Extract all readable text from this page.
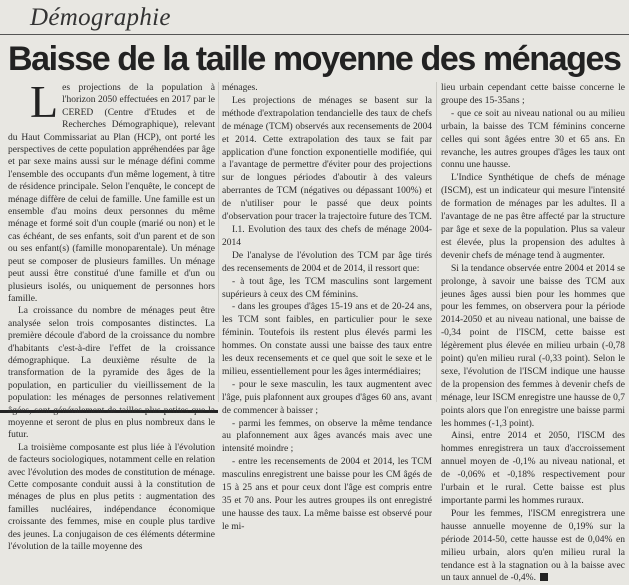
Démographie
Baisse de la taille moyenne des ménages

Les projections de la population à l'horizon 2050 effectuées en 2017 par le CERED (Centre d'Etudes et de Recherches Démographique), relevant du Haut Commissariat au Plan (HCP), ont porté les perspectives de cette population appréhendées par âge et par sexe mains aussi sur le ménage défini comme l'ensemble des occupants d'un même logement, à titre de résidence principale. Selon l'enquête, le concept de ménage diffère de celui de famille. Une famille est un ensemble d'au moins deux personnes du même ménage et formé soit d'un couple (marié ou non) et le cas échéant, de ses enfants, soit d'un parent et de son ou ses enfant(s) (famille monoparentale). Un ménage peut se composer de plusieurs familles. Un ménage peut aussi être constitué d'une famille et d'un ou plusieurs isolés, ou uniquement de personnes hors famille.

La croissance du nombre de ménages peut être analysée selon trois composantes distinctes. La première découle d'abord de la croissance du nombre d'habitants c'est-à-dire l'effet de la croissance démographique. La deuxième résulte de la transformation de la pyramide des âges de la population, en particulier du vieillissement de la population: les ménages de personnes relativement âgées, sont généralement de tailles plus petites que la moyenne et seront de plus en plus nombreux dans le futur.

La troisième composante est plus liée à l'évolution de facteurs sociologiques, notamment celle en relation avec l'évolution des modes de constitution de ménage. Cette composante conduit aussi à la constitution de ménages de plus en plus petits : augmentation des familles nucléaires, indépendance économique croissante des femmes, mise en couple plus tardive des jeunes. La conjugaison de ces éléments détermine l'évolution de la taille moyenne des

ménages.

Les projections de ménages se basent sur la méthode d'extrapolation tendancielle des taux de chefs de ménage (TCM) observés aux recensements de 2004 et 2014. Cette extrapolation des taux se fait par application d'une fonction exponentielle modifiée, qui a l'avantage de permettre d'éviter pour des projections sur de longues périodes d'aboutir à des valeurs aberrantes de TCM (négatives ou dépassant 100%) et de n'utiliser pour le passé que deux points d'observation pour tracer la trajectoire future des TCM.

I.1. Evolution des taux des chefs de ménage 2004-2014

De l'analyse de l'évolution des TCM par âge tirés des recensements de 2004 et de 2014, il ressort que:

- à tout âge, les TCM masculins sont largement supérieurs à ceux des CM féminins.

- dans les groupes d'âges 15-19 ans et de 20-24 ans, les TCM sont faibles, en particulier pour le sexe féminin. Toutefois ils restent plus élevés parmi les hommes. On constate aussi une baisse des taux entre les deux recensements et ce quel que soit le sexe et le milieu, essentiellement pour les âges intermédiaires;

- pour le sexe masculin, les taux augmentent avec l'âge, puis plafonnent aux groupes d'âges 60 ans, avant de commencer à baisser ;

- parmi les femmes, on observe la même tendance au plafonnement aux âges avancés mais avec une intensité moindre ;

- entre les recensements de 2004 et 2014, les TCM masculins enregistrent une baisse pour les CM âgés de 15 à 25 ans et pour ceux dont l'âge est compris entre 35 et 70 ans. Pour les autres groupes ils ont enregistré une hausse des taux. La même baisse est observé pour le mi-

lieu urbain cependant cette baisse concerne le groupe des 15-35ans ;

- que ce soit au niveau national ou au milieu urbain, la baisse des TCM féminins concerne celles qui sont âgées entre 30 et 65 ans. En revanche, les autres groupes d'âges les taux ont connu une hausse.

L'Indice Synthétique de chefs de ménage (ISCM), est un indicateur qui mesure l'intensité de formation de ménages par les adultes. Il a l'avantage de ne pas être affecté par la structure par âge et sexe de la population. Plus sa valeur est élevée, plus la propension des adultes à devenir chefs de ménage tend à augmenter.

Si la tendance observée entre 2004 et 2014 se prolonge, à savoir une baisse des TCM aux jeunes âges aussi bien pour les hommes que pour les femmes, on observera pour la période 2014-2050 et au niveau national, une baisse de -0,34 point de l'ISCM, cette baisse est légèrement plus élevée en milieu urbain (-0,78 point) qu'en milieu rural (-0,33 point). Selon le sexe, l'évolution de l'ISCM indique une hausse de la propension des femmes à devenir chefs de ménage, leur ISCM enregistre une hausse de 0,7 points alors que l'on enregistre une baisse parmi les hommes (-1,3 point).

Ainsi, entre 2014 et 2050, l'ISCM des hommes enregistrera un taux d'accroissement annuel moyen de -0,1% au niveau national, et de -0,06% et -0,18% respectivement pour l'urbain et le rural. Cette baisse est plus importante parmi les hommes ruraux.

Pour les femmes, l'ISCM enregistrera une hausse annuelle moyenne de 0,19% sur la période 2014-50, cette hausse est de 0,04% en milieu urbain, alors qu'en milieu rural la tendance est à la stagnation ou à la baisse avec un taux annuel de -0,4%.
